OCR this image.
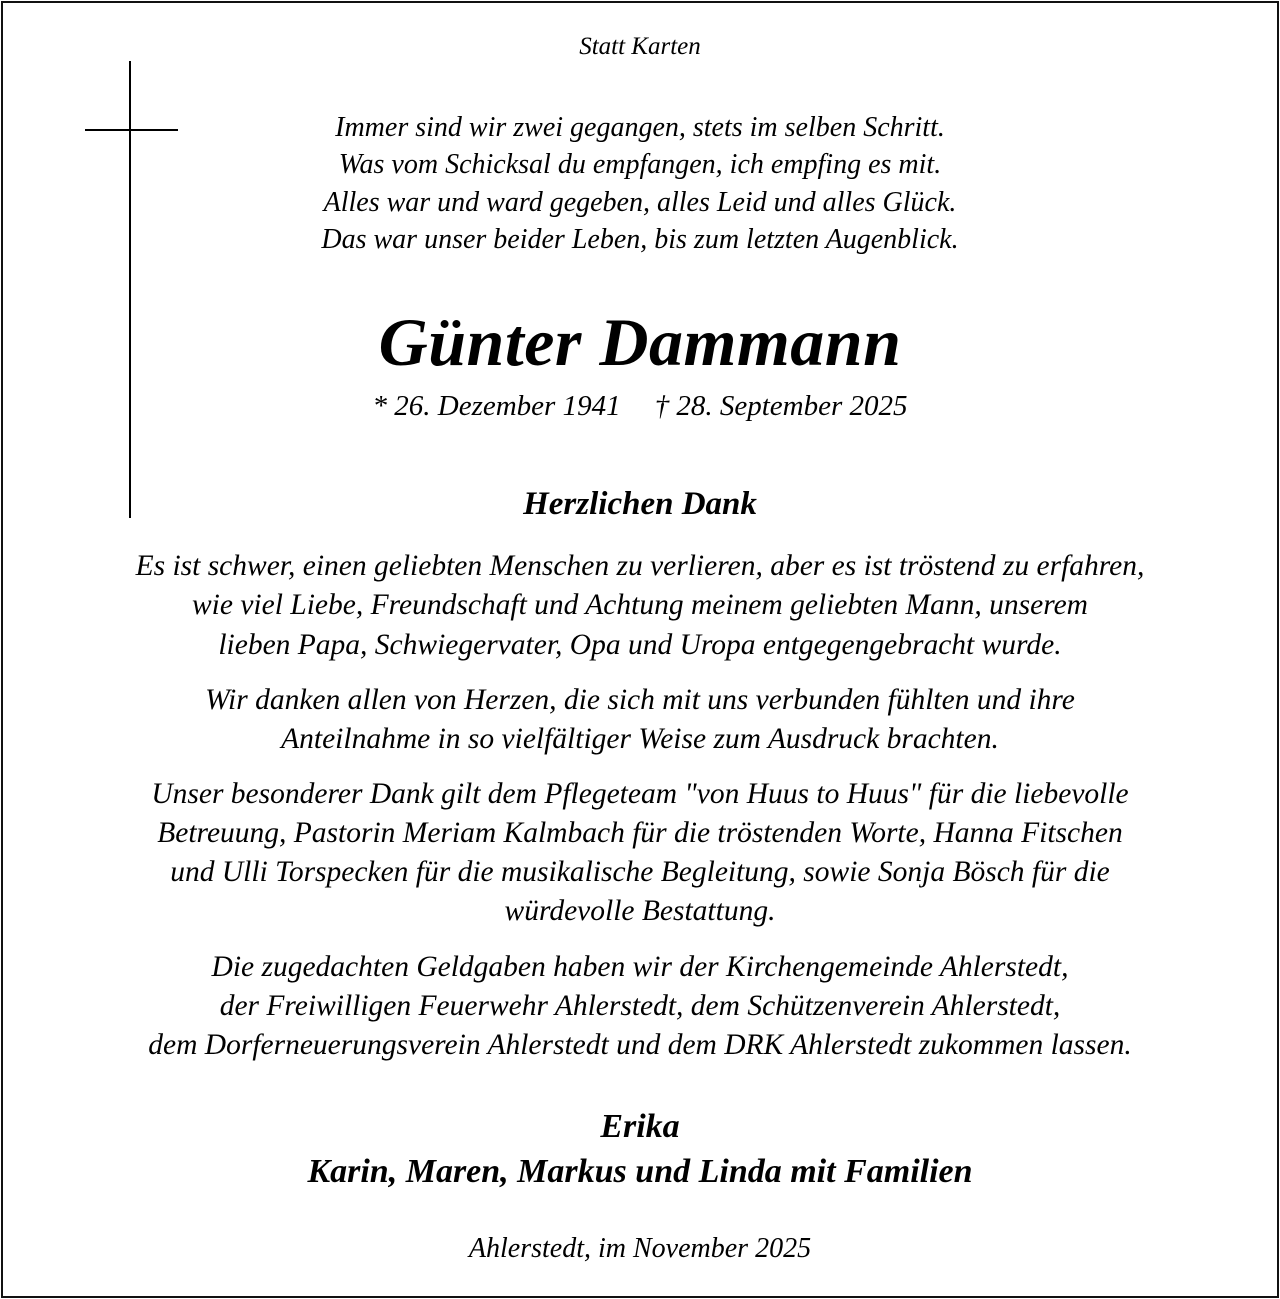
Statt Karten

Immer sind wir zwei gegangen, stets im selben Schritt.

Was vom Schicksal du empfangen, ich empfing es mit.

Alles war und ward gegeben, alles Leid und alles Glück.

Das war unser beider Leben, bis zum letzten Augenblick.

Günter Dammann

* 26. Dezember 1941 † 28. September 2025

Herzlichen Dank

Es ist schwer, einen geliebten Menschen zu verlieren, aber es ist tröstend zu erfahren,

wie viel Liebe, Freundschaft und Achtung meinem geliebten Mann, unserem

lieben Papa, Schwiegervater, Opa und Uropa entgegengebracht wurde.

Wir danken allen von Herzen, die sich mit uns verbunden fühlten und ihre

Anteilnahme in so vielfältiger Weise zum Ausdruck brachten.

Unser besonderer Dank gilt dem Pflegeteam "von Huus to Huus" für die liebevolle

Betreuung, Pastorin Meriam Kalmbach für die tröstenden Worte, Hanna Fitschen

und Ulli Torspecken für die musikalische Begleitung, sowie Sonja Bösch für die

würdevolle Bestattung.

Die zugedachten Geldgaben haben wir der Kirchengemeinde Ahlerstedt,

der Freiwilligen Feuerwehr Ahlerstedt, dem Schützenverein Ahlerstedt,

dem Dorferneuerungsverein Ahlerstedt und dem DRK Ahlerstedt zukommen lassen.

Erika

Karin, Maren, Markus und Linda mit Familien

Ahlerstedt, im November 2025
